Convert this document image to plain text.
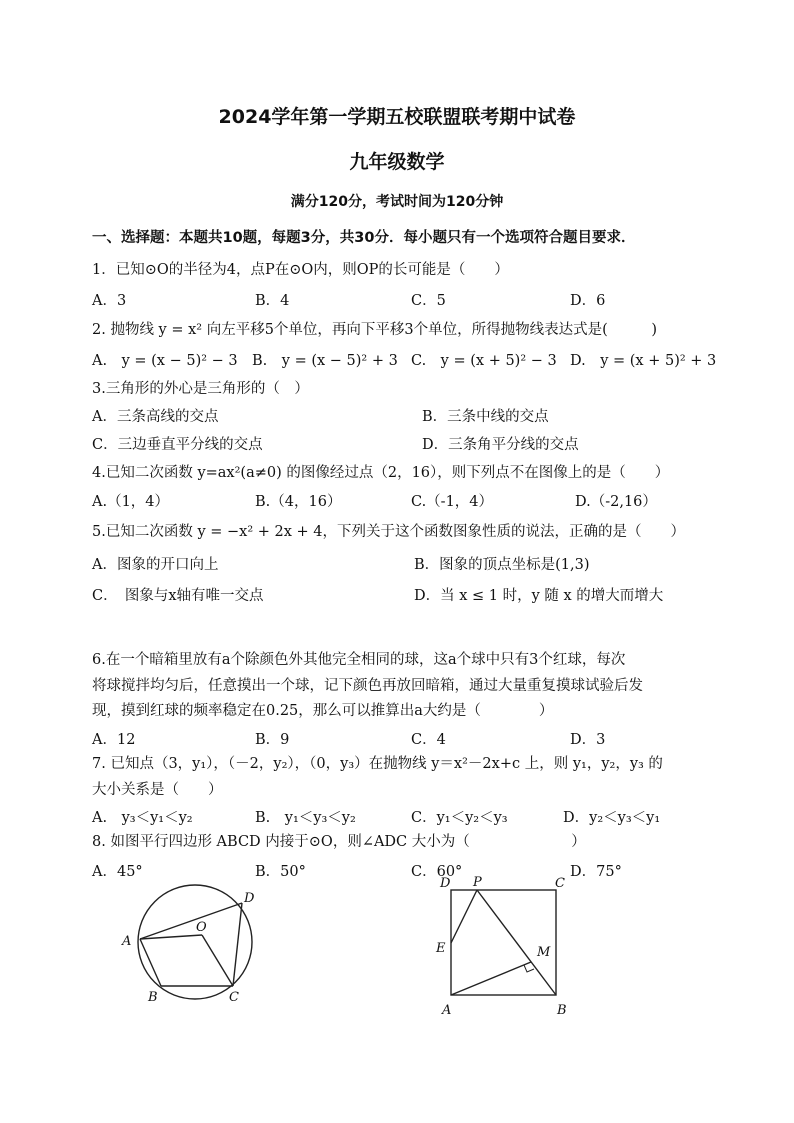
2024学年第一学期五校联盟联考期中试卷
九年级数学
满分120分，考试时间为120分钟
一、选择题：本题共10题，每题3分，共30分．每小题只有一个选项符合题目要求．
1．已知⊙O的半径为4，点P在⊙O内，则OP的长可能是（　　）
A．3	B．4	C．5	D．6
2. 抛物线 y = x² 向左平移5个单位，再向下平移3个单位，所得抛物线表达式是(　　　)
A.　y = (x − 5)² − 3 B.　y = (x − 5)² + 3 C.　y = (x + 5)² − 3 D.　y = (x + 5)² + 3
3.三角形的外心是三角形的（　）
A．三条高线的交点	B．三条中线的交点
C．三边垂直平分线的交点	D．三条角平分线的交点
4.已知二次函数 y=ax²(a≠0) 的图像经过点（2，16），则下列点不在图像上的是（　　）
A.（1，4）	B.（4，16）	C.（-1，4）	D.（-2,16）
5.已知二次函数 y = −x² + 2x + 4，下列关于这个函数图象性质的说法，正确的是（　　）
A．图象的开口向上	B．图象的顶点坐标是(1,3)
C．　图象与x轴有唯一交点	D．当 x ≤ 1 时，y 随 x 的增大而增大
6.在一个暗箱里放有a个除颜色外其他完全相同的球，这a个球中只有3个红球，每次
将球搅拌均匀后，任意摸出一个球，记下颜色再放回暗箱，通过大量重复摸球试验后发
现，摸到红球的频率稳定在0.25，那么可以推算出a大约是（　　　　）
A．12	B．9	C．4	D．3
7. 已知点（3，y₁），（－2，y₂），（0，y₃）在抛物线 y＝x²－2x+c 上，则 y₁，y₂，y₃ 的
大小关系是（　　）
A.　y₃＜y₁＜y₂	B.　y₁＜y₃＜y₂	C．y₁＜y₂＜y₃	D．y₂＜y₃＜y₁
8. 如图平行四边形 ABCD 内接于⊙O，则∠ADC 大小为（　　　　　　　）
A．45°	B．50°	C．60°	D．75°
A
O
D
B	C
D P	C
E	M
A	B
